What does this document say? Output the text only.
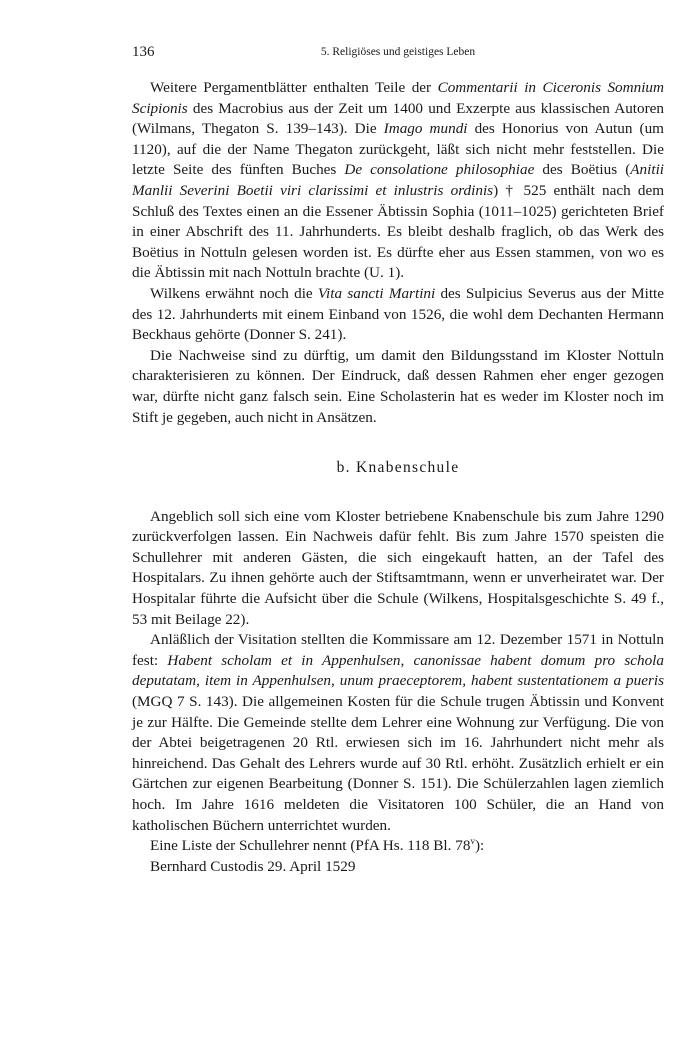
136	5. Religiöses und geistiges Leben

Weitere Pergamentblätter enthalten Teile der Commentarii in Ciceronis Somnium Scipionis des Macrobius aus der Zeit um 1400 und Exzerpte aus klassischen Autoren (Wilmans, Thegaton S. 139–143). Die Imago mundi des Honorius von Autun (um 1120), auf die der Name Thegaton zurückgeht, läßt sich nicht mehr feststellen. Die letzte Seite des fünften Buches De consolatione philosophiae des Boëtius (Anitii Manlii Severini Boetii viri clarissimi et inlustris ordinis) † 525 enthält nach dem Schluß des Textes einen an die Essener Äbtissin Sophia (1011–1025) gerichteten Brief in einer Abschrift des 11. Jahrhunderts. Es bleibt deshalb fraglich, ob das Werk des Boëtius in Nottuln gelesen worden ist. Es dürfte eher aus Essen stammen, von wo es die Äbtissin mit nach Nottuln brachte (U. 1).

Wilkens erwähnt noch die Vita sancti Martini des Sulpicius Severus aus der Mitte des 12. Jahrhunderts mit einem Einband von 1526, die wohl dem Dechanten Hermann Beckhaus gehörte (Donner S. 241).

Die Nachweise sind zu dürftig, um damit den Bildungsstand im Kloster Nottuln charakterisieren zu können. Der Eindruck, daß dessen Rahmen eher enger gezogen war, dürfte nicht ganz falsch sein. Eine Scholasterin hat es weder im Kloster noch im Stift je gegeben, auch nicht in Ansätzen.

b. Knabenschule

Angeblich soll sich eine vom Kloster betriebene Knabenschule bis zum Jahre 1290 zurückverfolgen lassen. Ein Nachweis dafür fehlt. Bis zum Jahre 1570 speisten die Schullehrer mit anderen Gästen, die sich eingekauft hatten, an der Tafel des Hospitalars. Zu ihnen gehörte auch der Stiftsamtmann, wenn er unverheiratet war. Der Hospitalar führte die Aufsicht über die Schule (Wilkens, Hospitalsgeschichte S. 49 f., 53 mit Beilage 22).

Anläßlich der Visitation stellten die Kommissare am 12. Dezember 1571 in Nottuln fest: Habent scholam et in Appenhulsen, canonissae habent domum pro schola deputatam, item in Appenhulsen, unum praeceptorem, habent sustentationem a pueris (MGQ 7 S. 143). Die allgemeinen Kosten für die Schule trugen Äbtissin und Konvent je zur Hälfte. Die Gemeinde stellte dem Lehrer eine Wohnung zur Verfügung. Die von der Abtei beigetragenen 20 Rtl. erwiesen sich im 16. Jahrhundert nicht mehr als hinreichend. Das Gehalt des Lehrers wurde auf 30 Rtl. erhöht. Zusätzlich erhielt er ein Gärtchen zur eigenen Bearbeitung (Donner S. 151). Die Schülerzahlen lagen ziemlich hoch. Im Jahre 1616 meldeten die Visitatoren 100 Schüler, die an Hand von katholischen Büchern unterrichtet wurden.

Eine Liste der Schullehrer nennt (PfA Hs. 118 Bl. 78$^v$):

Bernhard Custodis 29. April 1529
